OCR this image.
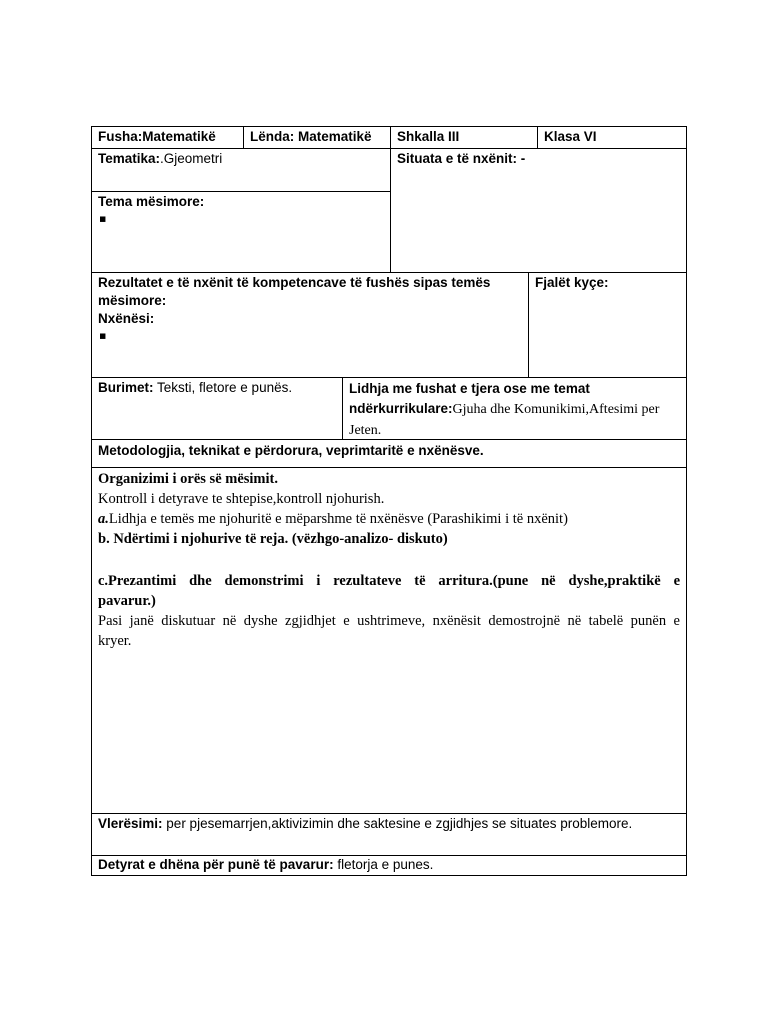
Fusha:Matematikë	Lënda: Matematikë	Shkalla III	Klasa VI
Tematika:.Gjeometri	Situata e të nxënit: -
Tema mësimore:
▪
Rezultatet e të nxënit të kompetencave të fushës sipas temës mësimore:
Nxënësi:
▪
Fjalët kyçe:
Burimet: Teksti, fletore e punës.	Lidhja me fushat e tjera ose me temat
ndërkurrikulare:Gjuha dhe Komunikimi,Aftesimi per Jeten.
Metodologjia, teknikat e përdorura, veprimtaritë e nxënësve.
Organizimi i orës së mësimit.
Kontroll i detyrave te shtepise,kontroll njohurish.
a.Lidhja e temës me njohuritë e mëparshme të nxënësve (Parashikimi i të nxënit)
b. Ndërtimi i njohurive të reja. (vëzhgo-analizo- diskuto)
c.Prezantimi dhe demonstrimi i rezultateve të arritura.(pune në dyshe,praktikë e
pavarur.)
Pasi janë diskutuar në dyshe zgjidhjet e ushtrimeve, nxënësit demostrojnë në tabelë punën e
kryer.
Vlerësimi: per pjesemarrjen,aktivizimin dhe saktesine e zgjidhjes se situates problemore.
Detyrat e dhëna për punë të pavarur: fletorja e punes.
